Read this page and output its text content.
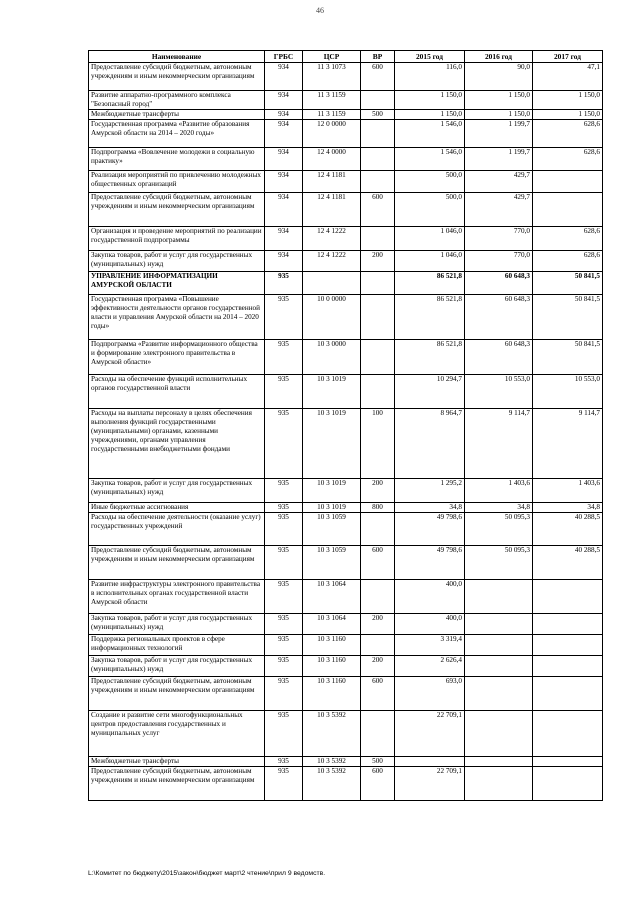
46
Наименование	ГРБС	ЦСР	ВР	2015 год	2016 год	2017 год
Предоставление субсидий бюджетным, автономным учреждениям и иным некоммерческим организациям	934	11 3 1073	600	116,0	90,0	47,1
Развитие аппаратно-программного комплекса "Безопасный город"	934	11 3 1159		1 150,0	1 150,0	1 150,0
Межбюджетные трансферты	934	11 3 1159	500	1 150,0	1 150,0	1 150,0
Государственная программа «Развитие образования Амурской области на 2014 – 2020 годы»	934	12 0 0000		1 546,0	1 199,7	628,6
Подпрограмма «Вовлечение молодежи в социальную практику»	934	12 4 0000		1 546,0	1 199,7	628,6
Реализация мероприятий по привлечению молодежных общественных организаций	934	12 4 1181		500,0	429,7	
Предоставление субсидий бюджетным, автономным учреждениям и иным некоммерческим организациям	934	12 4 1181	600	500,0	429,7	
Организация и проведение мероприятий по реализации государственной подпрограммы	934	12 4 1222		1 046,0	770,0	628,6
Закупка товаров, работ и услуг для государственных (муниципальных) нужд	934	12 4 1222	200	1 046,0	770,0	628,6
УПРАВЛЕНИЕ ИНФОРМАТИЗАЦИИ АМУРСКОЙ ОБЛАСТИ	935			86 521,8	60 648,3	50 841,5
Государственная программа «Повышение эффективности деятельности органов государственной власти и управления Амурской области на 2014 – 2020 годы»	935	10 0 0000		86 521,8	60 648,3	50 841,5
Подпрограмма «Развитие информационного общества и формирование электронного правительства в Амурской области»	935	10 3 0000		86 521,8	60 648,3	50 841,5
Расходы на обеспечение функций исполнительных органов государственной власти	935	10 3 1019		10 294,7	10 553,0	10 553,0
Расходы на выплаты персоналу в целях обеспечения выполнения функций государственными (муниципальными) органами, казенными учреждениями, органами управления государственными внебюджетными фондами	935	10 3 1019	100	8 964,7	9 114,7	9 114,7
Закупка товаров, работ и услуг для государственных (муниципальных) нужд	935	10 3 1019	200	1 295,2	1 403,6	1 403,6
Иные бюджетные ассигнования	935	10 3 1019	800	34,8	34,8	34,8
Расходы на обеспечение деятельности (оказание услуг) государственных учреждений	935	10 3 1059		49 798,6	50 095,3	40 288,5
Предоставление субсидий бюджетным, автономным учреждениям и иным некоммерческим организациям	935	10 3 1059	600	49 798,6	50 095,3	40 288,5
Развитие инфраструктуры электронного правительства в исполнительных органах государственной власти Амурской области	935	10 3 1064		400,0		
Закупка товаров, работ и услуг для государственных (муниципальных) нужд	935	10 3 1064	200	400,0		
Поддержка региональных проектов в сфере информационных технологий	935	10 3 1160		3 319,4		
Закупка товаров, работ и услуг для государственных (муниципальных) нужд	935	10 3 1160	200	2 626,4		
Предоставление субсидий бюджетным, автономным учреждениям и иным некоммерческим организациям	935	10 3 1160	600	693,0		
Создание и развитие сети многофункциональных центров предоставления государственных и муниципальных услуг	935	10 3 5392		22 709,1		
Межбюджетные трансферты	935	10 3 5392	500			
Предоставление субсидий бюджетным, автономным учреждениям и иным некоммерческим организациям	935	10 3 5392	600	22 709,1		
L:\Комитет по бюджету\2015\закон\бюджет март\2 чтение\прил 9 ведомств.
